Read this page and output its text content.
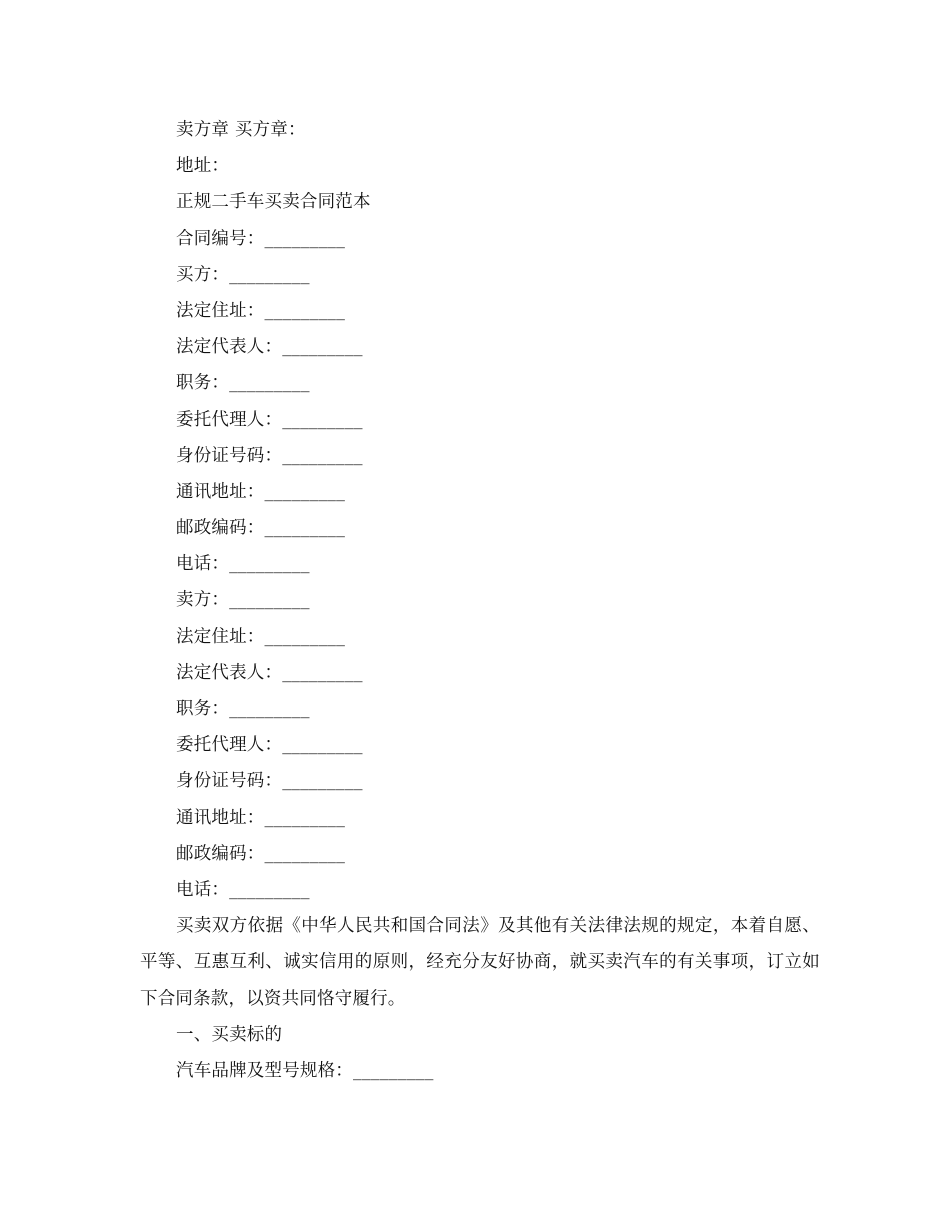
卖方章 买方章：
地址：
正规二手车买卖合同范本
合同编号：_________
买方：_________
法定住址：_________
法定代表人：_________
职务：_________
委托代理人：_________
身份证号码：_________
通讯地址：_________
邮政编码：_________
电话：_________
卖方：_________
法定住址：_________
法定代表人：_________
职务：_________
委托代理人：_________
身份证号码：_________
通讯地址：_________
邮政编码：_________
电话：_________
买卖双方依据《中华人民共和国合同法》及其他有关法律法规的规定，本着自愿、平等、互惠互利、诚实信用的原则，经充分友好协商，就买卖汽车的有关事项，订立如下合同条款，以资共同恪守履行。
一、买卖标的
汽车品牌及型号规格：_________
